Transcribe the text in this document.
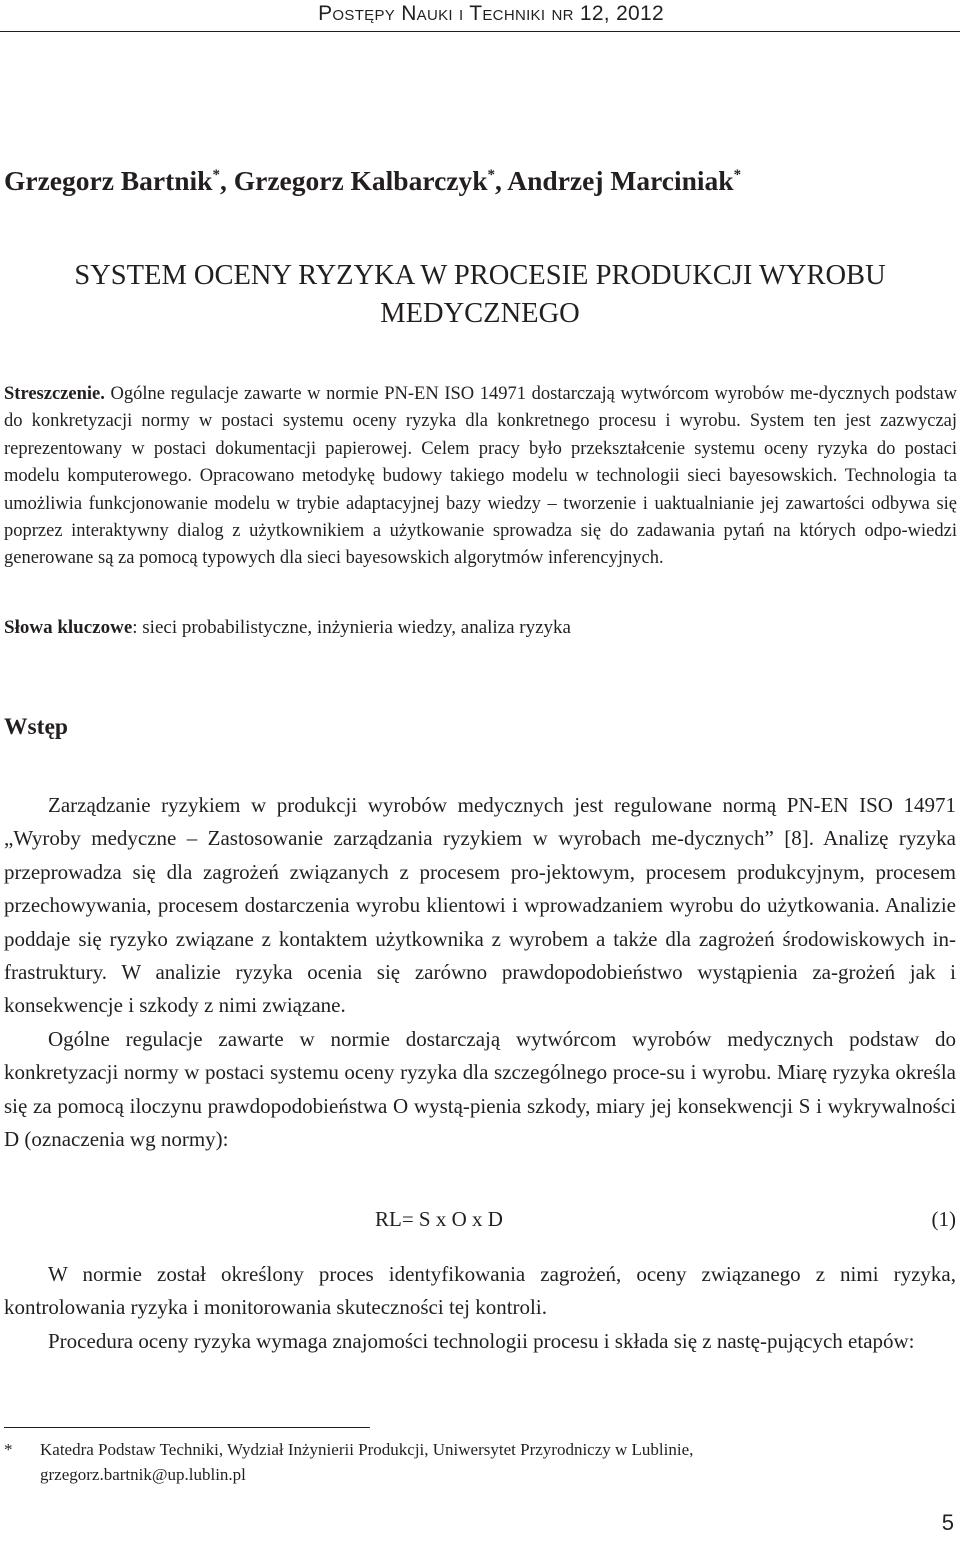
Postępy Nauki i Techniki nr 12, 2012
Grzegorz Bartnik*, Grzegorz Kalbarczyk*, Andrzej Marciniak*
SYSTEM OCENY RYZYKA W PROCESIE PRODUKCJI WYROBU
MEDYCZNEGO
Streszczenie. Ogólne regulacje zawarte w normie PN-EN ISO 14971 dostarczają wytwórcom wyrobów me-dycznych podstaw do konkretyzacji normy w postaci systemu oceny ryzyka dla konkretnego procesu i wyrobu. System ten jest zazwyczaj reprezentowany w postaci dokumentacji papierowej. Celem pracy było przekształcenie systemu oceny ryzyka do postaci modelu komputerowego. Opracowano metodykę budowy takiego modelu w technologii sieci bayesowskich. Technologia ta umożliwia funkcjonowanie modelu w trybie adaptacyjnej bazy wiedzy – tworzenie i uaktualnianie jej zawartości odbywa się poprzez interaktywny dialog z użytkownikiem a użytkowanie sprowadza się do zadawania pytań na których odpo-wiedzi generowane są za pomocą typowych dla sieci bayesowskich algorytmów inferencyjnych.
Słowa kluczowe: sieci probabilistyczne, inżynieria wiedzy, analiza ryzyka
Wstęp

Zarządzanie ryzykiem w produkcji wyrobów medycznych jest regulowane normą PN-EN ISO 14971 „Wyroby medyczne – Zastosowanie zarządzania ryzykiem w wyrobach me-dycznych” [8]. Analizę ryzyka przeprowadza się dla zagrożeń związanych z procesem pro-jektowym, procesem produkcyjnym, procesem przechowywania, procesem dostarczenia wyrobu klientowi i wprowadzaniem wyrobu do użytkowania. Analizie poddaje się ryzyko związane z kontaktem użytkownika z wyrobem a także dla zagrożeń środowiskowych in-frastruktury. W analizie ryzyka ocenia się zarówno prawdopodobieństwo wystąpienia za-grożeń jak i konsekwencje i szkody z nimi związane.

Ogólne regulacje zawarte w normie dostarczają wytwórcom wyrobów medycznych podstaw do konkretyzacji normy w postaci systemu oceny ryzyka dla szczególnego proce-su i wyrobu. Miarę ryzyka określa się za pomocą iloczynu prawdopodobieństwa O wystą-pienia szkody, miary jej konsekwencji S i wykrywalności D (oznaczenia wg normy):

RL= S x O x D	(1)

W normie został określony proces identyfikowania zagrożeń, oceny związanego z nimi ryzyka, kontrolowania ryzyka i monitorowania skuteczności tej kontroli.

Procedura oceny ryzyka wymaga znajomości technologii procesu i składa się z nastę-pujących etapów:

* Katedra Podstaw Techniki, Wydział Inżynierii Produkcji, Uniwersytet Przyrodniczy w Lublinie,
grzegorz.bartnik@up.lublin.pl
5
